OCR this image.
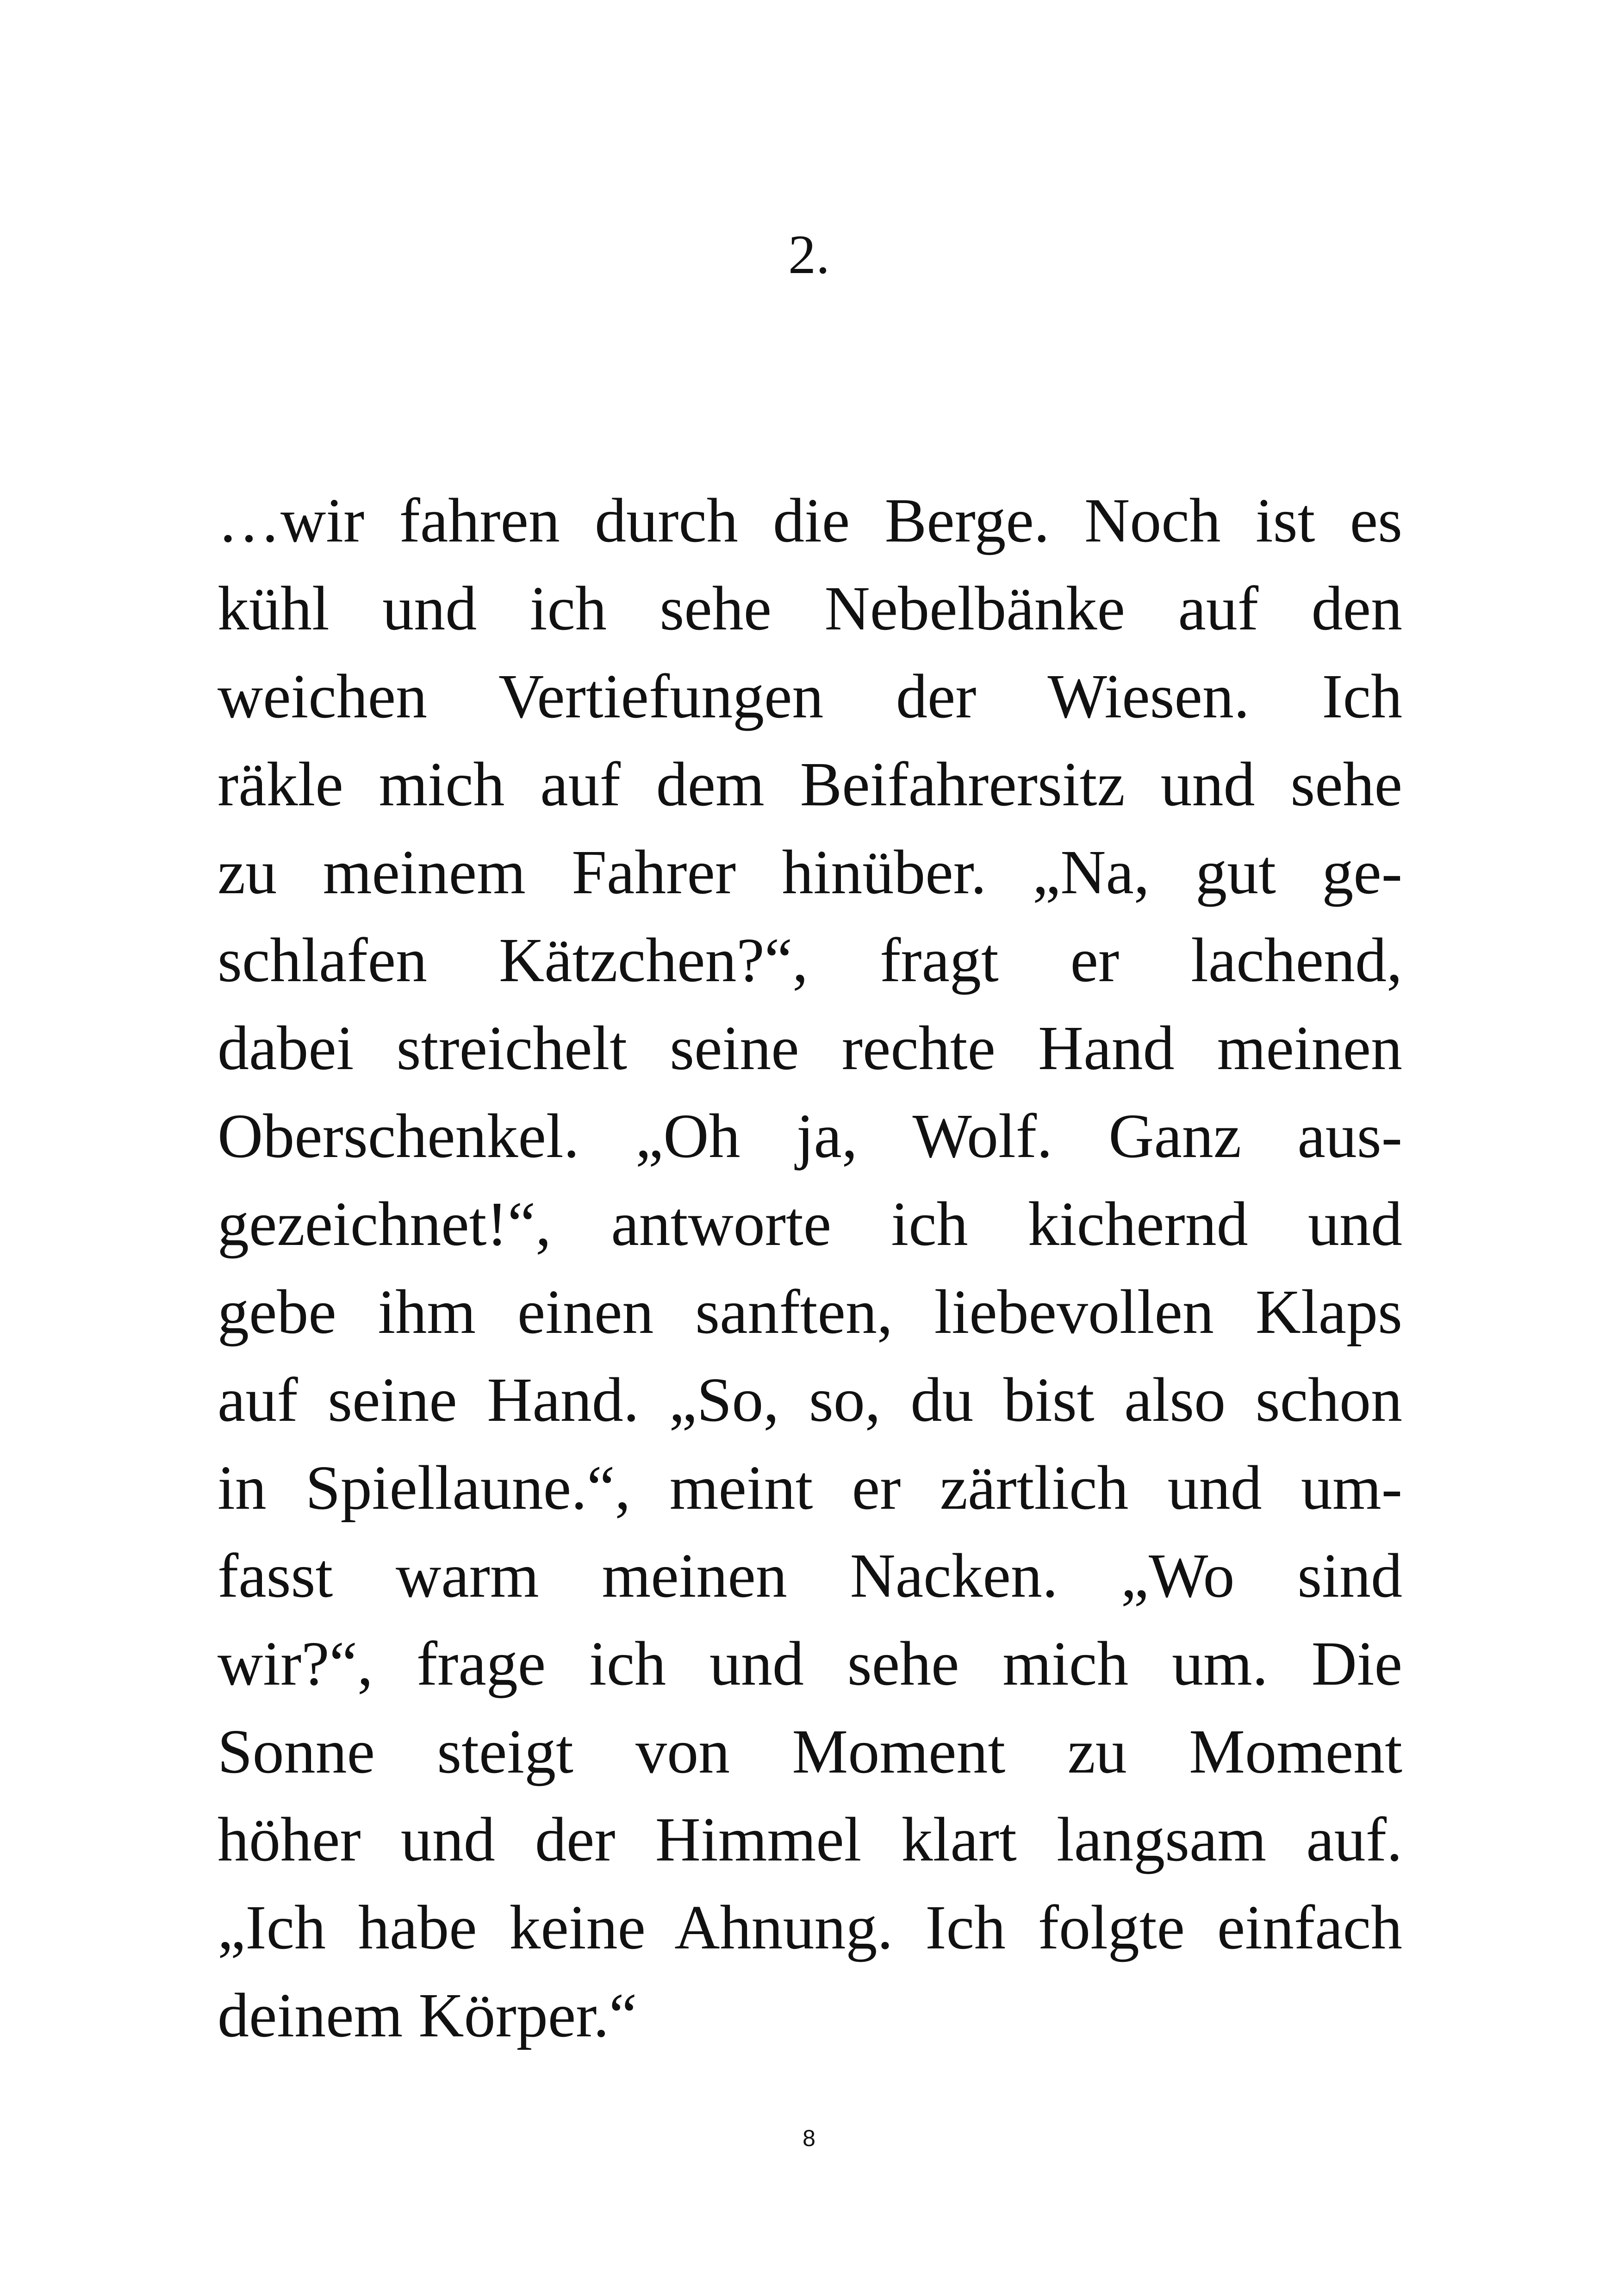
2.
…wir fahren durch die Berge. Noch ist es
kühl und ich sehe Nebelbänke auf den
weichen Vertiefungen der Wiesen. Ich
räkle mich auf dem Beifahrersitz und sehe
zu meinem Fahrer hinüber. „Na, gut ge-
schlafen Kätzchen?“, fragt er lachend,
dabei streichelt seine rechte Hand meinen
Oberschenkel. „Oh ja, Wolf. Ganz aus-
gezeichnet!“, antworte ich kichernd und
gebe ihm einen sanften, liebevollen Klaps
auf seine Hand. „So, so, du bist also schon
in Spiellaune.“, meint er zärtlich und um-
fasst warm meinen Nacken. „Wo sind
wir?“, frage ich und sehe mich um. Die
Sonne steigt von Moment zu Moment
höher und der Himmel klart langsam auf.
„Ich habe keine Ahnung. Ich folgte einfach
deinem Körper.“
8
